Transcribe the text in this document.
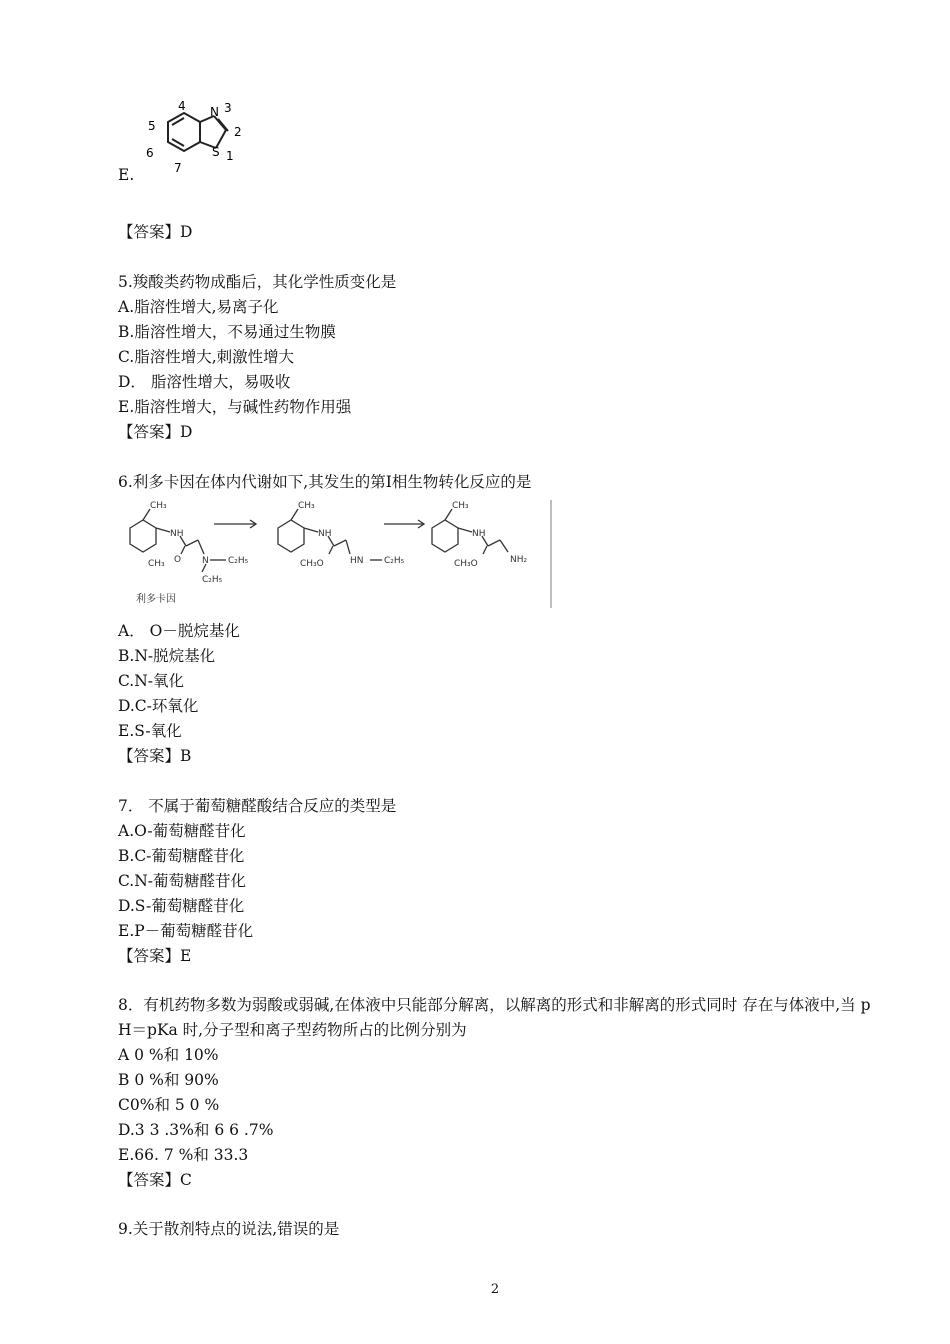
4
5
6
7
N 3
2
S 1
E.
【答案】D
5.羧酸类药物成酯后，其化学性质变化是
A.脂溶性增大,易离子化
B.脂溶性增大，不易通过生物膜
C.脂溶性增大,刺激性增大
D． 脂溶性增大，易吸收
E.脂溶性增大，与碱性药物作用强
【答案】D
6.利多卡因在体内代谢如下,其发生的第Ⅰ相生物转化反应的是
CH₃
NH
CH₃ O N C₂H₅
C₂H₅
CH₃
NH
CH₃O	HN C₂H₅
CH₃
NH
CH₃O	NH₂
利多卡因
A． O－脱烷基化
B.N-脱烷基化
C.N-氧化
D.C-环氧化
E.S-氧化
【答案】B
7． 不属于葡萄糖醛酸结合反应的类型是
A.O-葡萄糖醛苷化
B.C-葡萄糖醛苷化
C.N-葡萄糖醛苷化
D.S-葡萄糖醛苷化
E.P－葡萄糖醛苷化
【答案】E
8．有机药物多数为弱酸或弱碱,在体液中只能部分解离，以解离的形式和非解离的形式同时 存在与体液中,当 p H＝pKa 时,分子型和离子型药物所占的比例分别为
A 0 %和 10%
B 0 %和 90%
C0%和 5 0 %
D.3 3 .3%和 6 6 .7%
E.66. 7 %和 33.3
【答案】C
9.关于散剂特点的说法,错误的是
2
